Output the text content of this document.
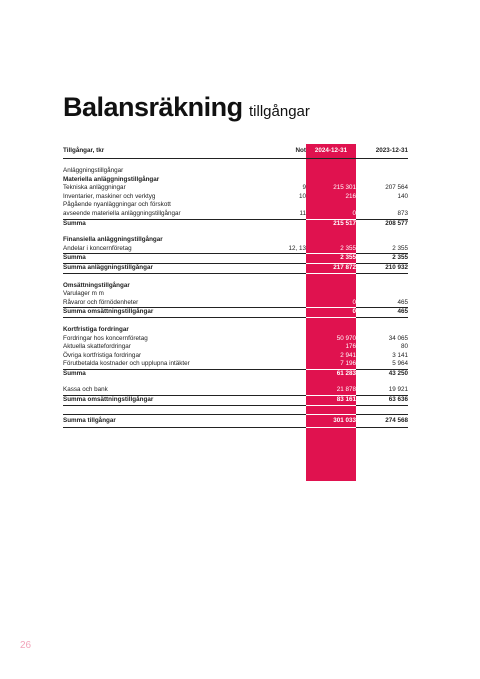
Balansräkning tillgångar
Tillgångar, tkr	Not		2024-12-31	2023-12-31

Anläggningstillgångar				
Materiella anläggningstillgångar				
Tekniska anläggningar	9		215 301	207 564
Inventarier, maskiner och verktyg	10		216	140
Pågående nyanläggningar och förskott				
avseende materiella anläggningstillgångar	11		0	873
Summa			215 517	208 577

Finansiella anläggningstillgångar				
Andelar i koncernföretag	12, 13		2 355	2 355
Summa			2 355	2 355
Summa anläggningstillgångar			217 872	210 932

Omsättningstillgångar				
Varulager m m				
Råvaror och förnödenheter			0	465
Summa omsättningstillgångar			0	465

Kortfristiga fordringar				
Fordringar hos koncernföretag			50 970	34 065
Aktuella skattefordringar			176	80
Övriga kortfristiga fordringar			2 941	3 141
Förutbetalda kostnader och upplupna intäkter			7 196	5 964
Summa			61 283	43 250

Kassa och bank			21 878	19 921
Summa omsättningstillgångar			83 161	63 636

Summa tillgångar			301 033	274 568
26
